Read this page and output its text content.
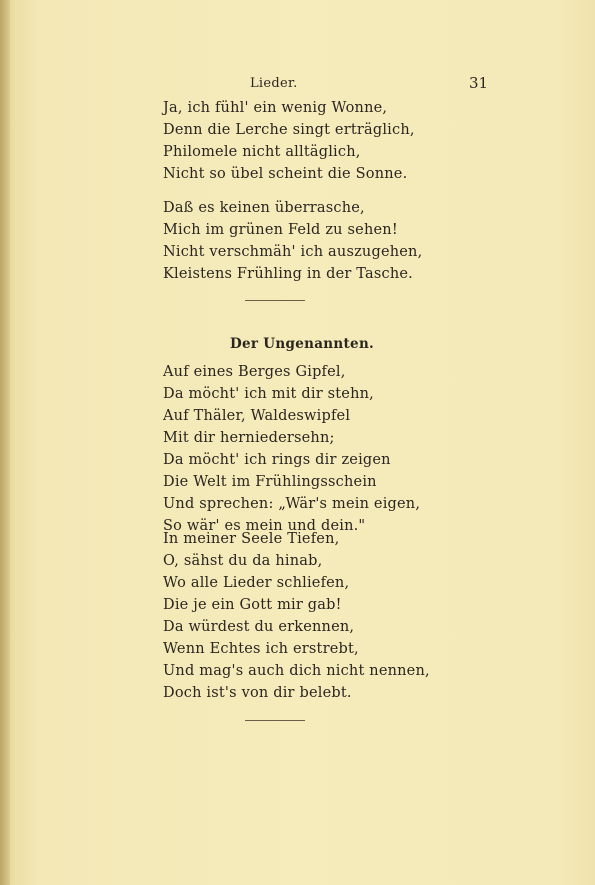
Lieder.	31
Ja, ich fühl' ein wenig Wonne,
Denn die Lerche singt erträglich,
Philomele nicht alltäglich,
Nicht so übel scheint die Sonne.
Daß es keinen überrasche,
Mich im grünen Feld zu sehen!
Nicht verschmäh' ich auszugehen,
Kleistens Frühling in der Tasche.
Der Ungenannten.
Auf eines Berges Gipfel,
Da möcht' ich mit dir stehn,
Auf Thäler, Waldeswipfel
Mit dir herniedersehn;
Da möcht' ich rings dir zeigen
Die Welt im Frühlingsschein
Und sprechen: „Wär's mein eigen,
So wär' es mein und dein."
In meiner Seele Tiefen,
O, sähst du da hinab,
Wo alle Lieder schliefen,
Die je ein Gott mir gab!
Da würdest du erkennen,
Wenn Echtes ich erstrebt,
Und mag's auch dich nicht nennen,
Doch ist's von dir belebt.
